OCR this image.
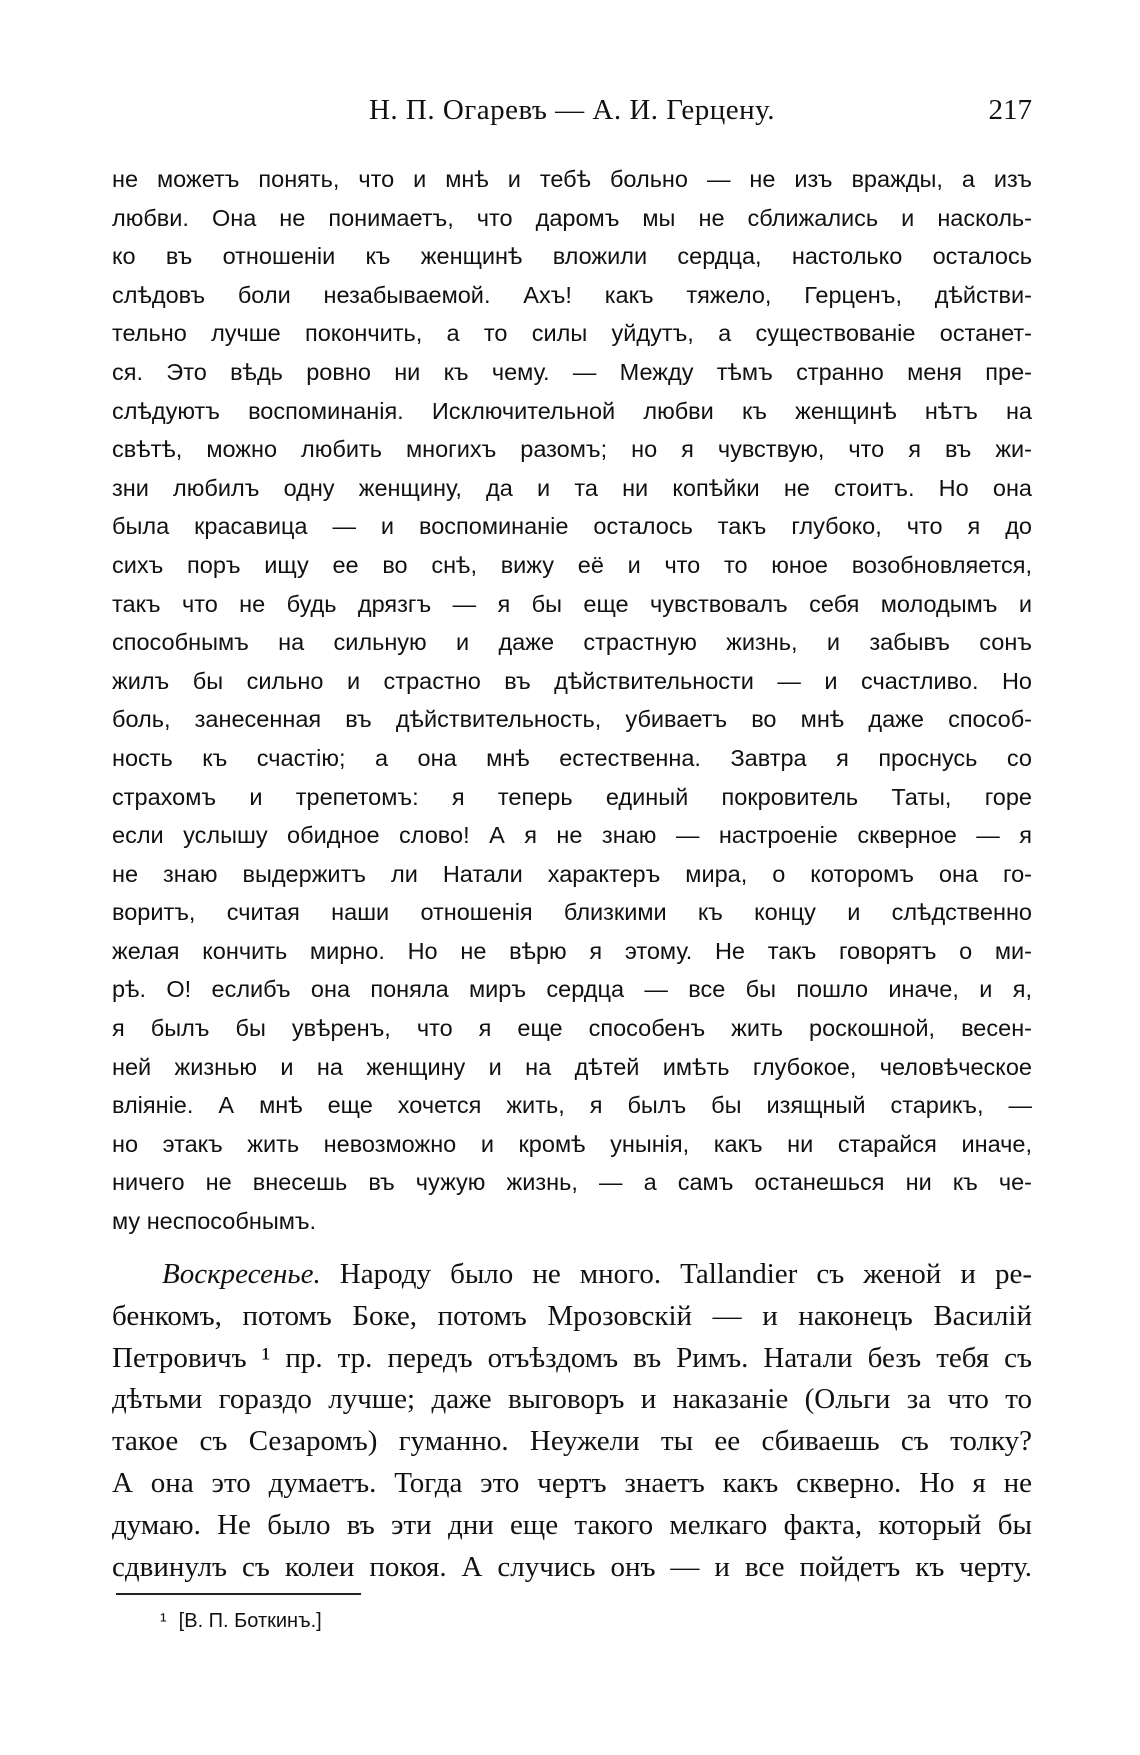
Н. П. Огаревъ — А. И. Герцену.	217
не можетъ понять, что и мнѣ и тебѣ больно — не изъ вражды, а изъ
любви. Она не понимаетъ, что даромъ мы не сближались и насколь-
ко въ отношеніи къ женщинѣ вложили сердца, настолько осталось
слѣдовъ боли незабываемой. Ахъ! какъ тяжело, Герценъ, дѣйстви-
тельно лучше покончить, а то силы уйдутъ, а существованіе останет-
ся. Это вѣдь ровно ни къ чему. — Между тѣмъ странно меня пре-
слѣдуютъ воспоминанія. Исключительной любви къ женщинѣ нѣтъ на
свѣтѣ, можно любить многихъ разомъ; но я чувствую, что я въ жи-
зни любилъ одну женщину, да и та ни копѣйки не стоитъ. Но она
была красавица — и воспоминаніе осталось такъ глубоко, что я до
сихъ поръ ищу ее во снѣ, вижу её и что то юное возобновляется,
такъ что не будь дрязгъ — я бы еще чувствовалъ себя молодымъ и
способнымъ на сильную и даже страстную жизнь, и забывъ сонъ
жилъ бы сильно и страстно въ дѣйствительности — и счастливо. Но
боль, занесенная въ дѣйствительность, убиваетъ во мнѣ даже способ-
ность къ счастію; а она мнѣ естественна. Завтра я проснусь со
страхомъ и трепетомъ: я теперь единый покровитель Таты, горе
если услышу обидное слово! А я не знаю — настроеніе скверное — я
не знаю выдержитъ ли Натали характеръ мира, о которомъ она го-
воритъ, считая наши отношенія близкими къ концу и слѣдственно
желая кончить мирно. Но не вѣрю я этому. Не такъ говорятъ о ми-
рѣ. О! еслибъ она поняла миръ сердца — все бы пошло иначе, и я,
я былъ бы увѣренъ, что я еще способенъ жить роскошной, весен-
ней жизнью и на женщину и на дѣтей имѣть глубокое, человѣческое
вліяніе. А мнѣ еще хочется жить, я былъ бы изящный старикъ, —
но этакъ жить невозможно и кромѣ унынія, какъ ни старайся иначе,
ничего не внесешь въ чужую жизнь, — а самъ останешься ни къ че-
му неспособнымъ.
Воскресенье. Народу было не много. Tallandier съ женой и ре-
бенкомъ, потомъ Боке, потомъ Мрозовскій — и наконецъ Василій
Петровичъ ¹ пр. тр. передъ отъѣздомъ въ Римъ. Натали безъ тебя съ
дѣтьми гораздо лучше; даже выговоръ и наказаніе (Ольги за что то
такое съ Сезаромъ) гуманно. Неужели ты ее сбиваешь съ толку?
А она это думаетъ. Тогда это чертъ знаетъ какъ скверно. Но я не
думаю. Не было въ эти дни еще такого мелкаго факта, который бы
сдвинулъ съ колеи покоя. А случись онъ — и все пойдетъ къ черту.
¹ [В. П. Боткинъ.]
